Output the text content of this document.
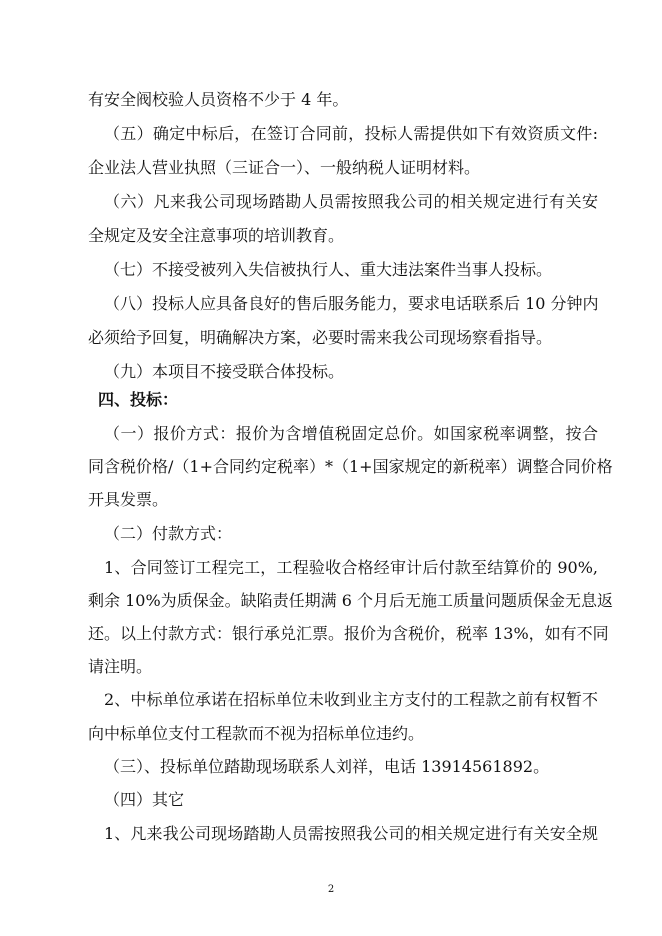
有安全阀校验人员资格不少于 4 年。
（五）确定中标后，在签订合同前，投标人需提供如下有效资质文件:
企业法人营业执照（三证合一）、一般纳税人证明材料。
（六）凡来我公司现场踏勘人员需按照我公司的相关规定进行有关安
全规定及安全注意事项的培训教育。
（七）不接受被列入失信被执行人、重大违法案件当事人投标。
（八）投标人应具备良好的售后服务能力，要求电话联系后 10 分钟内
必须给予回复，明确解决方案，必要时需来我公司现场察看指导。
（九）本项目不接受联合体投标。
四、投标：
（一）报价方式：报价为含增值税固定总价。如国家税率调整，按合
同含税价格/（1+合同约定税率）*（1+国家规定的新税率）调整合同价格
开具发票。
（二）付款方式：
1、合同签订工程完工，工程验收合格经审计后付款至结算价的 90%,
剩余 10%为质保金。缺陷责任期满 6 个月后无施工质量问题质保金无息返
还。以上付款方式：银行承兑汇票。报价为含税价，税率 13%，如有不同
请注明。
2、中标单位承诺在招标单位未收到业主方支付的工程款之前有权暂不
向中标单位支付工程款而不视为招标单位违约。
（三）、投标单位踏勘现场联系人刘祥，电话 13914561892。
（四）其它
1、凡来我公司现场踏勘人员需按照我公司的相关规定进行有关安全规
2
